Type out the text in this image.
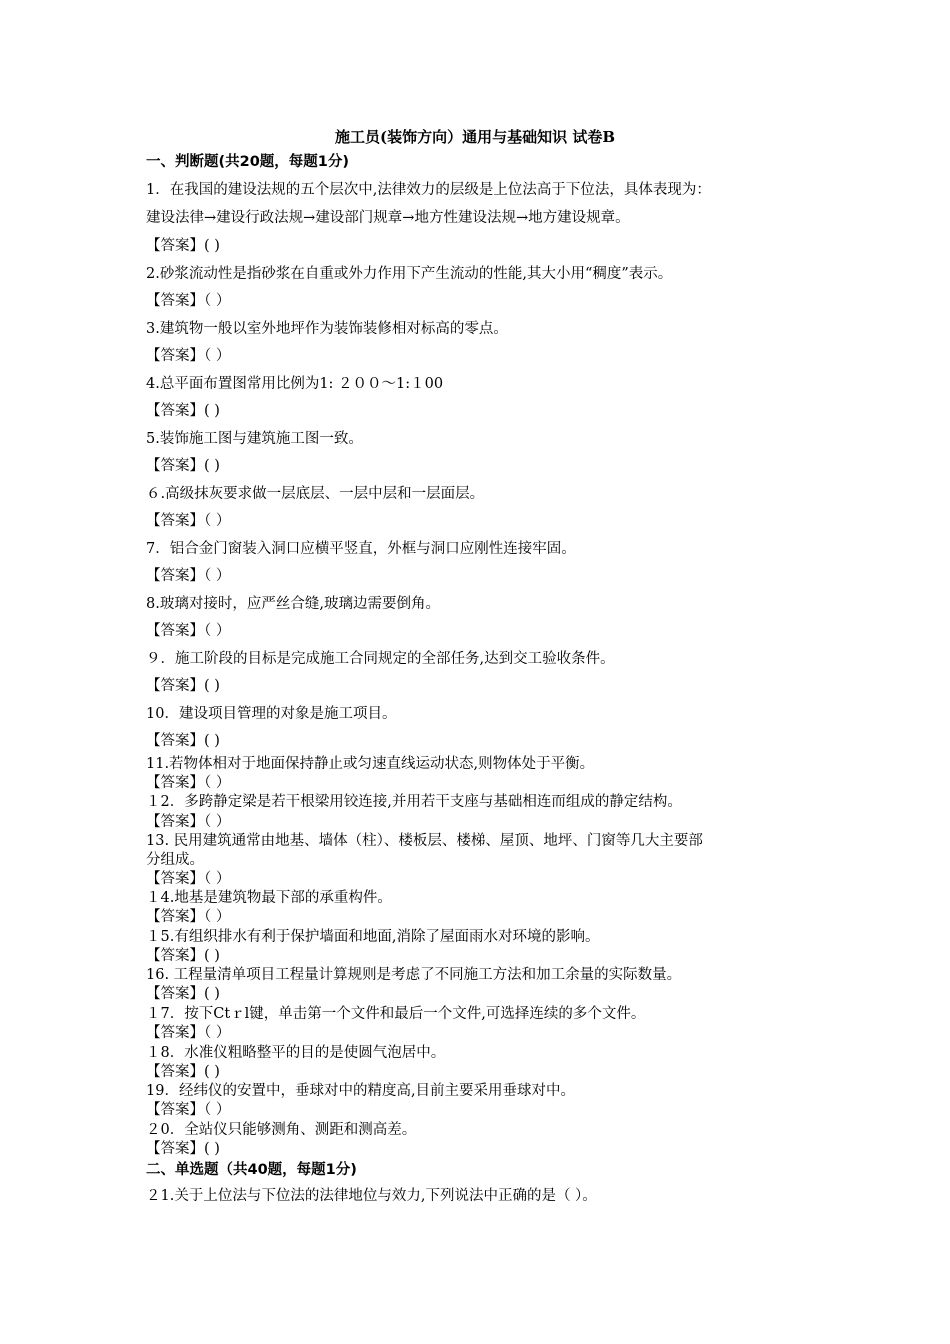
施工员(装饰方向）通用与基础知识 试卷B
一、判断题(共20题，每题1分)
1．在我国的建设法规的五个层次中,法律效力的层级是上位法高于下位法，具体表现为：
建设法律→建设行政法规→建设部门规章→地方性建设法规→地方建设规章。
【答案】( )
2.砂浆流动性是指砂浆在自重或外力作用下产生流动的性能,其大小用“稠度”表示。
【答案】（ ）
3.建筑物一般以室外地坪作为装饰装修相对标高的零点。
【答案】（ ）
4.总平面布置图常用比例为1: ２００～1:１00
【答案】( )
5.装饰施工图与建筑施工图一致。
【答案】( )
６.高级抹灰要求做一层底层、一层中层和一层面层。
【答案】（ ）
7．铝合金门窗装入洞口应横平竖直，外框与洞口应刚性连接牢固。
【答案】（ ）
8.玻璃对接时，应严丝合缝,玻璃边需要倒角。
【答案】（ ）
９．施工阶段的目标是完成施工合同规定的全部任务,达到交工验收条件。
【答案】( )
10．建设项目管理的对象是施工项目。
【答案】( )
11.若物体相对于地面保持静止或匀速直线运动状态,则物体处于平衡。
【答案】（ ）
１2．多跨静定梁是若干根梁用铰连接,并用若干支座与基础相连而组成的静定结构。
【答案】（ ）
13. 民用建筑通常由地基、墙体（柱）、楼板层、楼梯、屋顶、地坪、门窗等几大主要部
分组成。
【答案】（ ）
１4.地基是建筑物最下部的承重构件。
【答案】（ ）
１5.有组织排水有利于保护墙面和地面,消除了屋面雨水对环境的影响。
【答案】( )
16. 工程量清单项目工程量计算规则是考虑了不同施工方法和加工余量的实际数量。
【答案】( )
１7．按下Ctｒl键，单击第一个文件和最后一个文件,可选择连续的多个文件。
【答案】（ ）
１8．水准仪粗略整平的目的是使圆气泡居中。
【答案】( )
19．经纬仪的安置中，垂球对中的精度高,目前主要采用垂球对中。
【答案】（ ）
２0．全站仪只能够测角、测距和测高差。
【答案】( )
二、单选题（共40题，每题1分)
２1.关于上位法与下位法的法律地位与效力,下列说法中正确的是（ ）。
